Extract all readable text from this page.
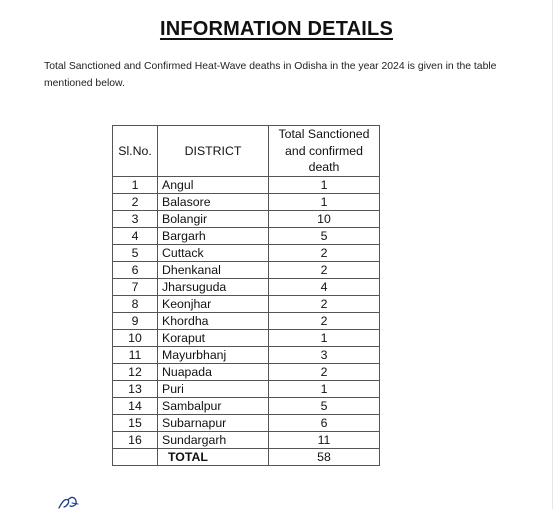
INFORMATION DETAILS
Total Sanctioned and Confirmed Heat-Wave deaths in Odisha in the year 2024 is given in the table mentioned below.
Sl.No.	DISTRICT	Total Sanctioned
and confirmed
death
1	Angul	1
2	Balasore	1
3	Bolangir	10
4	Bargarh	5
5	Cuttack	2
6	Dhenkanal	2
7	Jharsuguda	4
8	Keonjhar	2
9	Khordha	2
10	Koraput	1
11	Mayurbhanj	3
12	Nuapada	2
13	Puri	1
14	Sambalpur	5
15	Subarnapur	6
16	Sundargarh	11
	TOTAL	58
